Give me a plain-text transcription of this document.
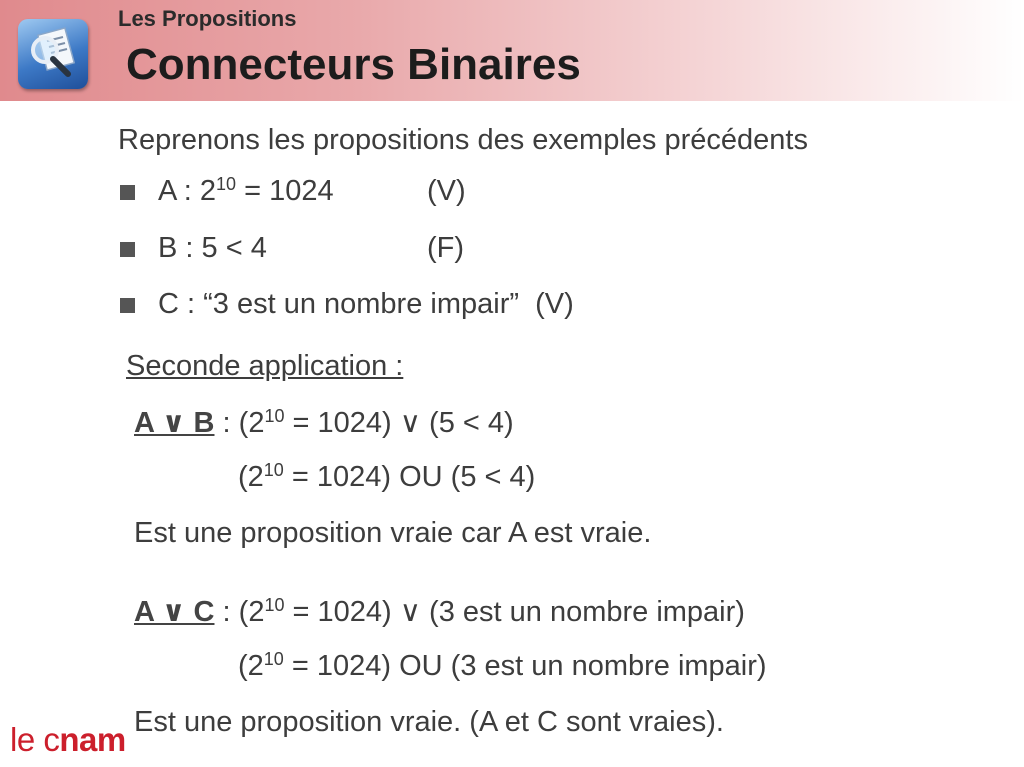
Les Propositions
Connecteurs Binaires
Reprenons les propositions des exemples précédents
A : $2^{10} = 1024$	(V)
B : 5 < 4	(F)
C : “3 est un nombre impair” (V)
Seconde application :
A ∨ B : $(2^{10} = 1024)$ ∨ (5 < 4)
$(2^{10} = 1024)$ OU (5 < 4)
Est une proposition vraie car A est vraie.
A ∨ C : $(2^{10} = 1024)$ ∨ (3 est un nombre impair)
$(2^{10} = 1024)$ OU (3 est un nombre impair)
Est une proposition vraie. (A et C sont vraies).
le cnam
